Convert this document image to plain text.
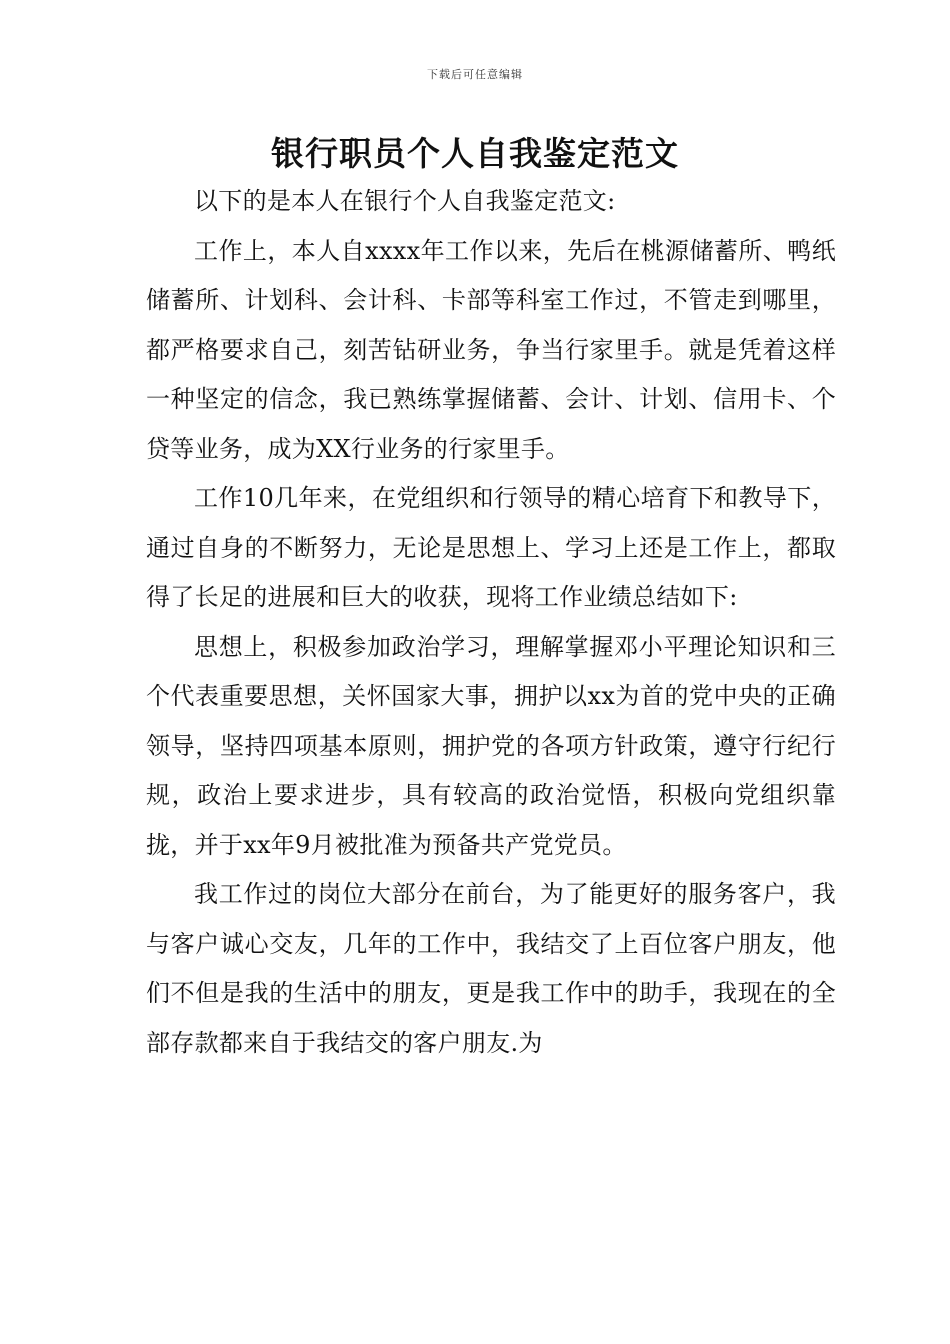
下载后可任意编辑
银行职员个人自我鉴定范文

以下的是本人在银行个人自我鉴定范文:

工作上，本人自xxxx年工作以来，先后在桃源储蓄所、鸭纸储蓄所、计划科、会计科、卡部等科室工作过，不管走到哪里，都严格要求自己，刻苦钻研业务，争当行家里手。就是凭着这样一种坚定的信念，我已熟练掌握储蓄、会计、计划、信用卡、个贷等业务，成为XX行业务的行家里手。

工作10几年来，在党组织和行领导的精心培育下和教导下，通过自身的不断努力，无论是思想上、学习上还是工作上，都取得了长足的进展和巨大的收获，现将工作业绩总结如下:

思想上，积极参加政治学习，理解掌握邓小平理论知识和三个代表重要思想，关怀国家大事，拥护以xx为首的党中央的正确领导，坚持四项基本原则，拥护党的各项方针政策，遵守行纪行规，政治上要求进步，具有较高的政治觉悟，积极向党组织靠拢，并于xx年9月被批准为预备共产党党员。

我工作过的岗位大部分在前台，为了能更好的服务客户，我与客户诚心交友，几年的工作中，我结交了上百位客户朋友，他们不但是我的生活中的朋友，更是我工作中的助手，我现在的全部存款都来自于我结交的客户朋友.为
